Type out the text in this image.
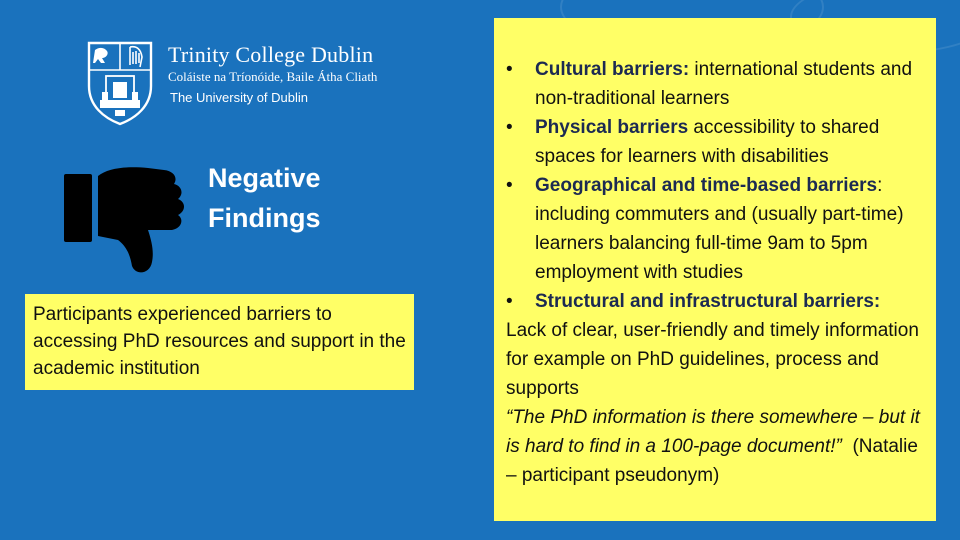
Trinity College Dublin
Coláiste na Tríonóide, Baile Átha Cliath
The University of Dublin
Negative
Findings
Participants experienced barriers to accessing PhD resources and support in the academic institution
• Cultural barriers: international students and non-traditional learners
• Physical barriers accessibility to shared spaces for learners with disabilities
• Geographical and time-based barriers: including commuters and (usually part-time) learners balancing full-time 9am to 5pm employment with studies
• Structural and infrastructural barriers:
Lack of clear, user-friendly and timely information for example on PhD guidelines, process and supports
“The PhD information is there somewhere – but it is hard to find in a 100-page document!”  (Natalie – participant pseudonym)
